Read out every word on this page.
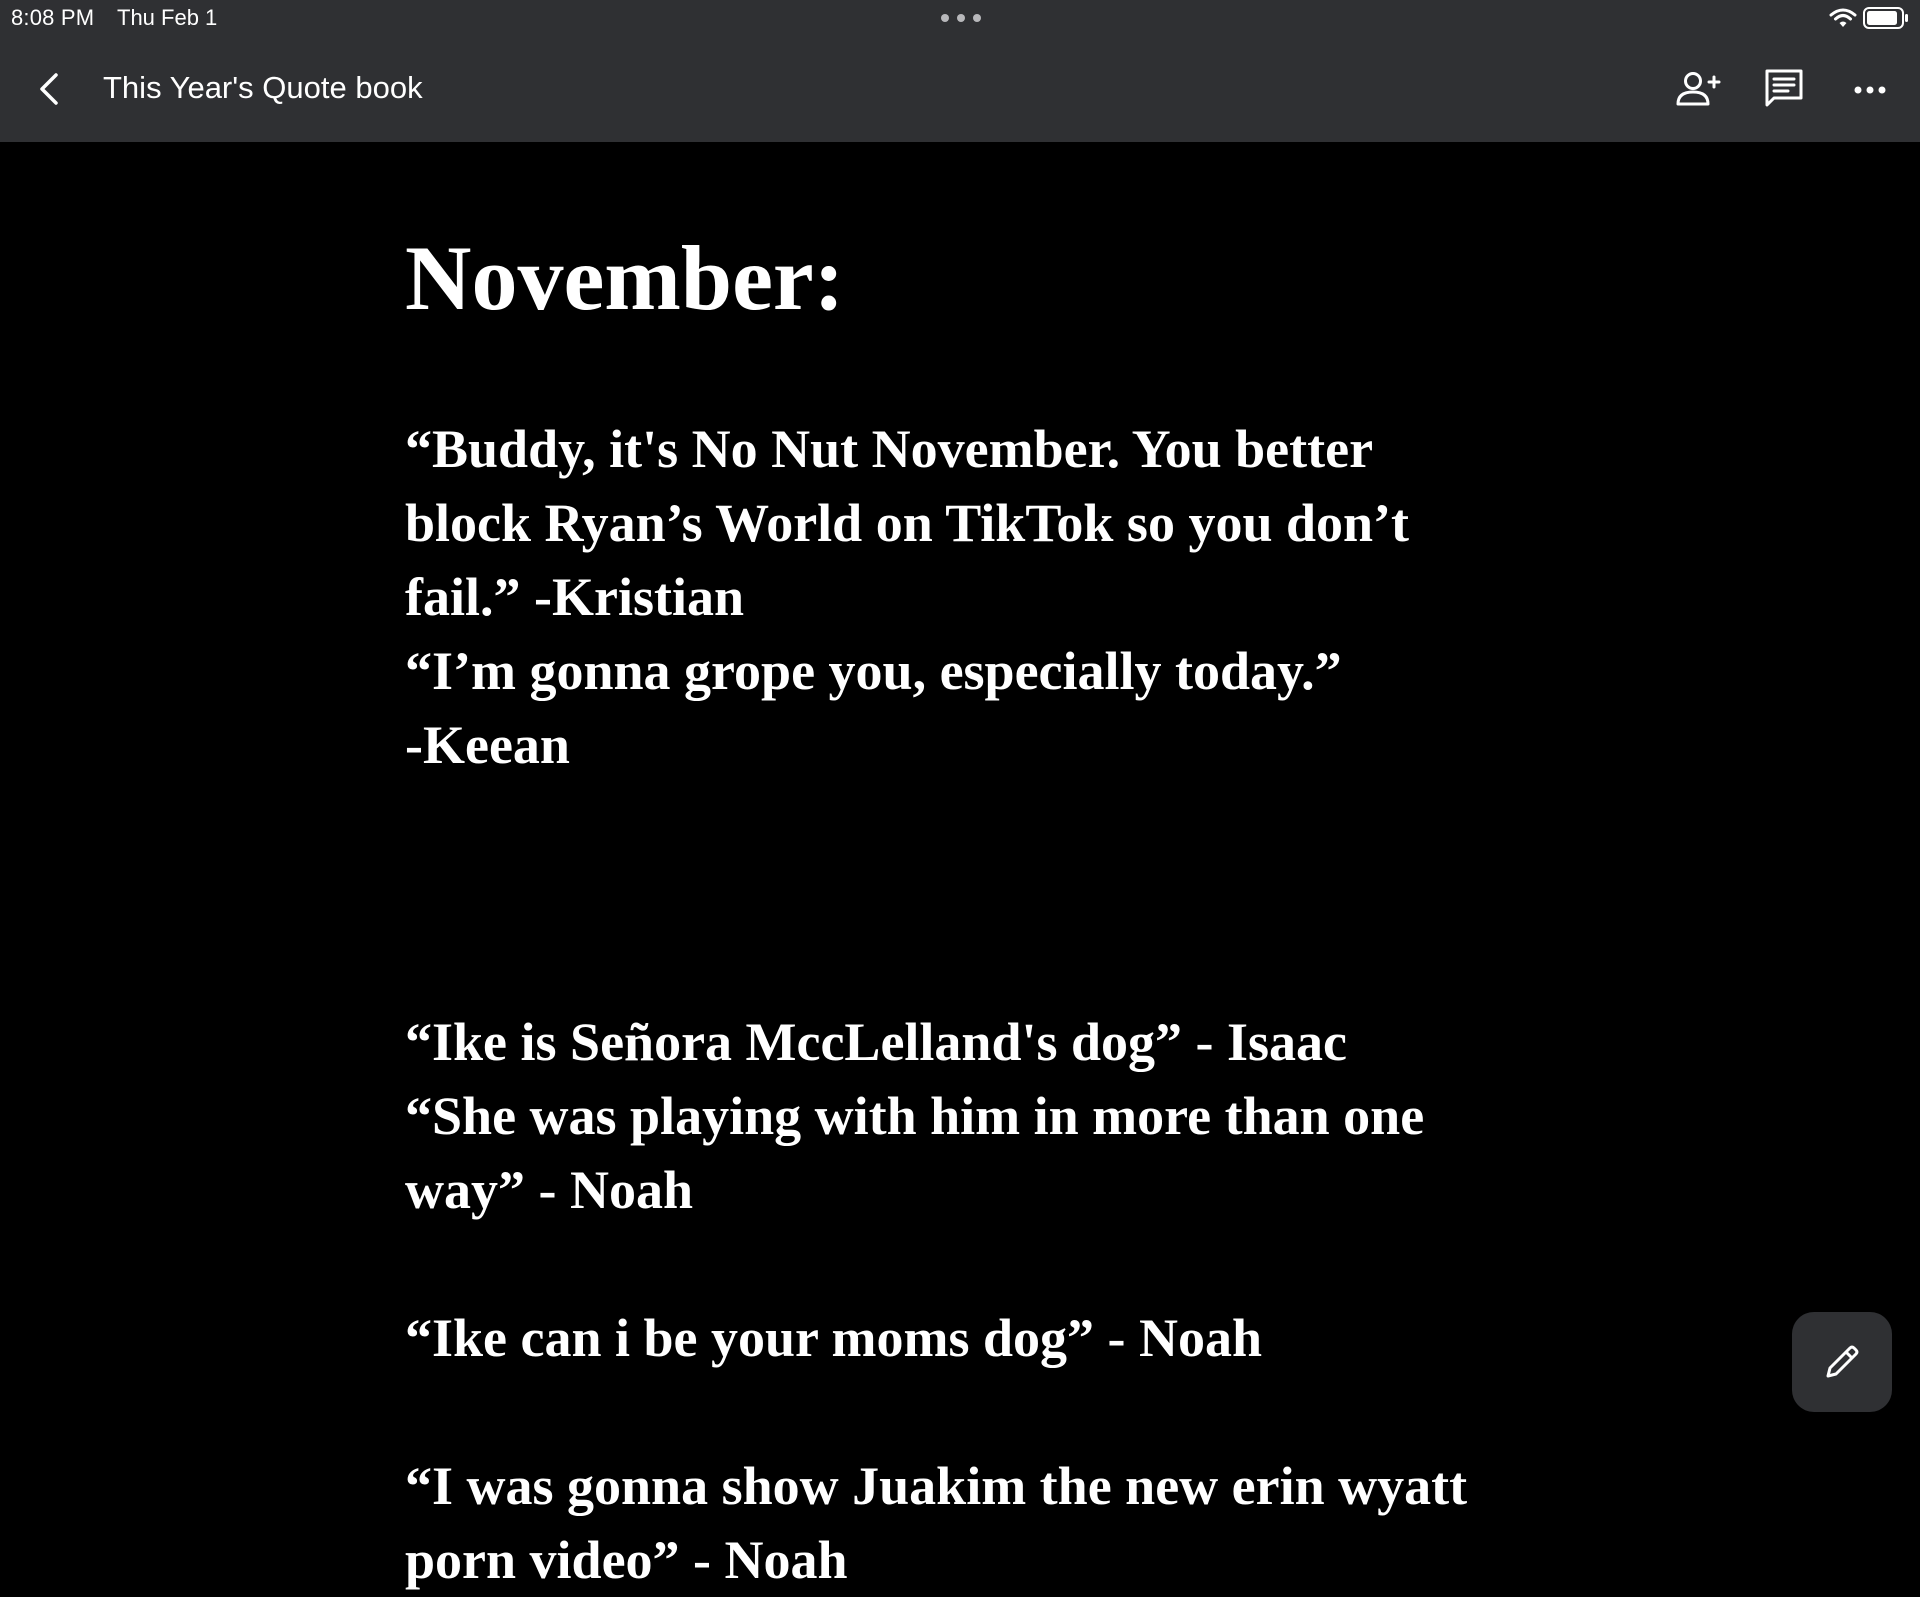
8:08 PM Thu Feb 1
This Year's Quote book
November:

“Buddy, it's No Nut November. You better
block Ryan’s World on TikTok so you don’t
fail.” -Kristian
“I’m gonna grope you, especially today.”
-Keean

“Ike is Señora MccLelland's dog” - Isaac
“She was playing with him in more than one
way” - Noah

“Ike can i be your moms dog” - Noah

“I was gonna show Juakim the new erin wyatt
porn video” - Noah
